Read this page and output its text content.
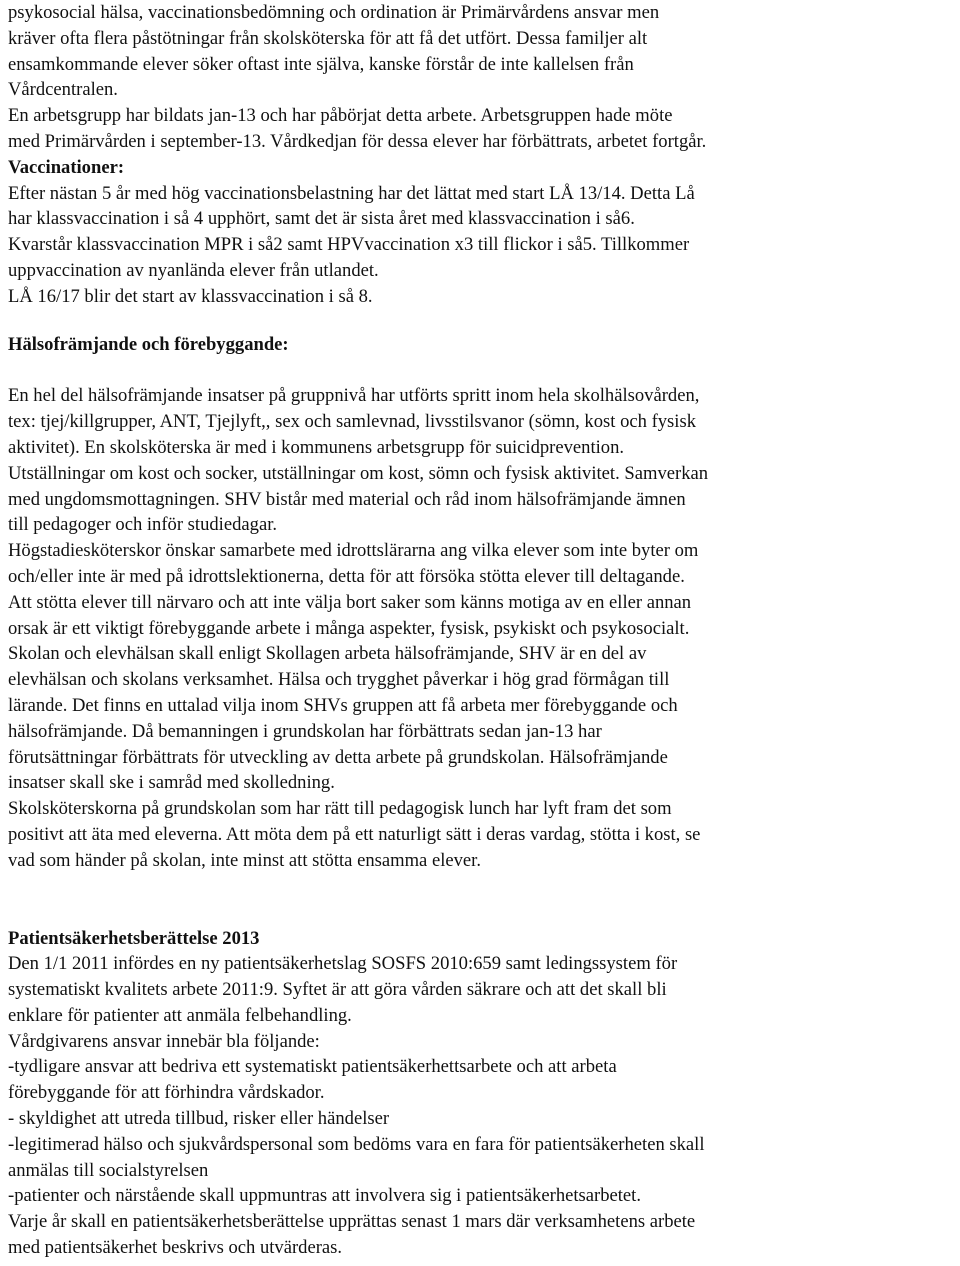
psykosocial hälsa, vaccinationsbedömning och ordination är Primärvårdens ansvar men
kräver ofta flera påstötningar från skolsköterska för att få det utfört. Dessa familjer alt
ensamkommande elever söker oftast inte själva, kanske förstår de inte kallelsen från
Vårdcentralen.
En arbetsgrupp har bildats jan-13 och har påbörjat detta arbete. Arbetsgruppen hade möte
med Primärvården i september-13. Vårdkedjan för dessa elever har förbättrats, arbetet fortgår.
Vaccinationer:
Efter nästan 5 år med hög vaccinationsbelastning har det lättat med start LÅ 13/14. Detta Lå
har klassvaccination i så 4 upphört, samt det är sista året med klassvaccination i så6.
Kvarstår klassvaccination MPR i så2 samt HPVvaccination x3 till flickor i så5. Tillkommer
uppvaccination av nyanlända elever från utlandet.
LÅ 16/17 blir det start av klassvaccination i så 8.
Hälsofrämjande och förebyggande:
En hel del hälsofrämjande insatser på gruppnivå har utförts spritt inom hela skolhälsovården,
tex: tjej/killgrupper, ANT, Tjejlyft,, sex och samlevnad, livsstilsvanor (sömn, kost och fysisk
aktivitet). En skolsköterska är med i kommunens arbetsgrupp för suicidprevention.
Utställningar om kost och socker, utställningar om kost, sömn och fysisk aktivitet. Samverkan
med ungdomsmottagningen. SHV bistår med material och råd inom hälsofrämjande ämnen
till pedagoger och inför studiedagar.
Högstadiesköterskor önskar samarbete med idrottslärarna ang vilka elever som inte byter om
och/eller inte är med på idrottslektionerna, detta för att försöka stötta elever till deltagande.
Att stötta elever till närvaro och att inte välja bort saker som känns motiga av en eller annan
orsak är ett viktigt förebyggande arbete i många aspekter, fysisk, psykiskt och psykosocialt.
Skolan och elevhälsan skall enligt Skollagen arbeta hälsofrämjande, SHV är en del av
elevhälsan och skolans verksamhet. Hälsa och trygghet påverkar i hög grad förmågan till
lärande. Det finns en uttalad vilja inom SHVs gruppen att få arbeta mer förebyggande och
hälsofrämjande. Då bemanningen i grundskolan har förbättrats sedan jan-13 har
förutsättningar förbättrats för utveckling av detta arbete på grundskolan. Hälsofrämjande
insatser skall ske i samråd med skolledning.
Skolsköterskorna på grundskolan som har rätt till pedagogisk lunch har lyft fram det som
positivt att äta med eleverna. Att möta dem på ett naturligt sätt i deras vardag, stötta i kost, se
vad som händer på skolan, inte minst att stötta ensamma elever.
Patientsäkerhetsberättelse 2013
Den 1/1 2011 infördes en ny patientsäkerhetslag SOSFS 2010:659 samt ledingssystem för
systematiskt kvalitets arbete 2011:9. Syftet är att göra vården säkrare och att det skall bli
enklare för patienter att anmäla felbehandling.
Vårdgivarens ansvar innebär bla följande:
-tydligare ansvar att bedriva ett systematiskt patientsäkerhettsarbete och att arbeta
förebyggande för att förhindra vårdskador.
- skyldighet att utreda tillbud, risker eller händelser
-legitimerad hälso och sjukvårdspersonal som bedöms vara en fara för patientsäkerheten skall
anmälas till socialstyrelsen
-patienter och närstående skall uppmuntras att involvera sig i patientsäkerhetsarbetet.
Varje år skall en patientsäkerhetsberättelse upprättas senast 1 mars där verksamhetens arbete
med patientsäkerhet beskrivs och utvärderas.
